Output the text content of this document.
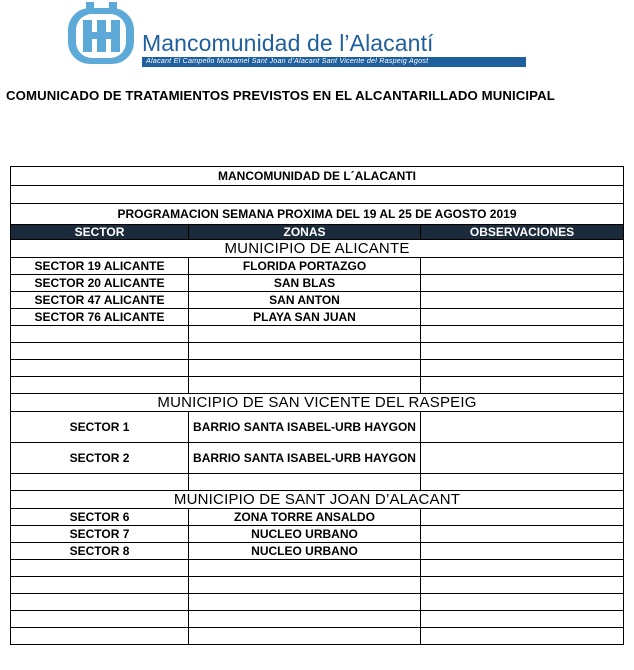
Mancomunidad de l’Alacantí
Alacant El Campello Mutxamel Sant Joan d’Alacant Sant Vicente del Raspeig Agost
COMUNICADO DE TRATAMIENTOS PREVISTOS EN EL ALCANTARILLADO MUNICIPAL
MANCOMUNIDAD DE L´ALACANTI		

PROGRAMACION SEMANA PROXIMA DEL 19 AL 25 DE AGOSTO 2019		
SECTOR	ZONAS	OBSERVACIONES
MUNICIPIO DE ALICANTE		
SECTOR 19 ALICANTE	FLORIDA PORTAZGO	
SECTOR 20 ALICANTE	SAN BLAS	
SECTOR 47 ALICANTE	SAN ANTON	
SECTOR 76 ALICANTE	PLAYA SAN JUAN	

MUNICIPIO DE SAN VICENTE DEL RASPEIG		
SECTOR 1	BARRIO SANTA ISABEL-URB HAYGON	
SECTOR 2	BARRIO SANTA ISABEL-URB HAYGON	

MUNICIPIO DE SANT JOAN D’ALACANT		
SECTOR 6	ZONA TORRE ANSALDO	
SECTOR 7	NUCLEO URBANO	
SECTOR 8	NUCLEO URBANO	
